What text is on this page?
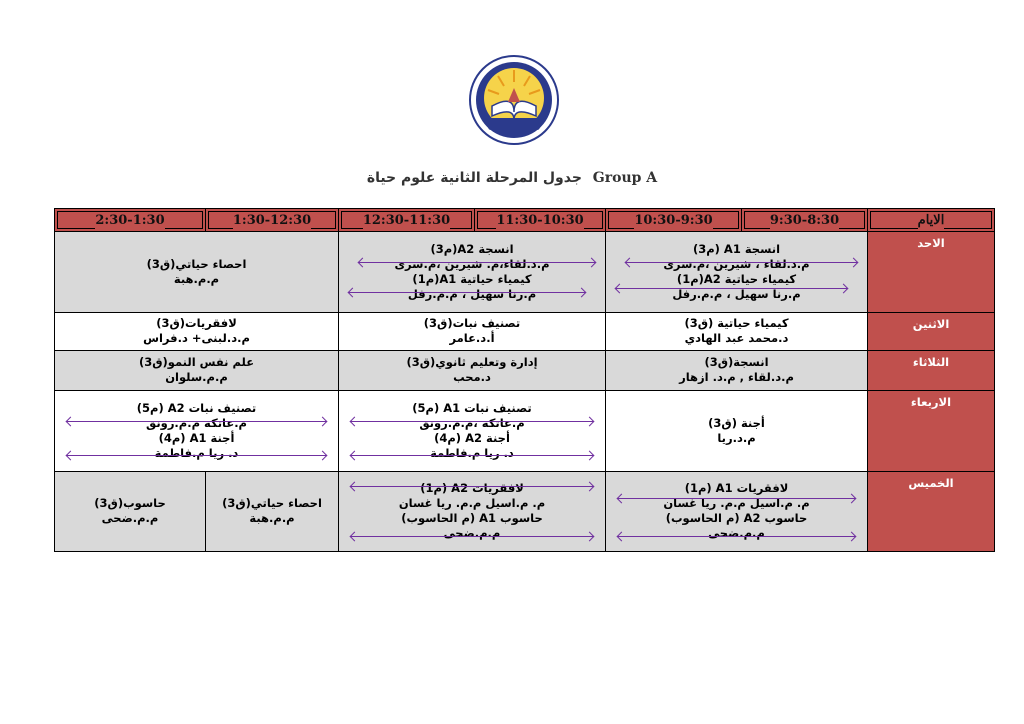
جدول المرحلة الثانية علوم حياة Group A
الايام	9:30-8:30	10:30-9:30	11:30-10:30	12:30-11:30	1:30-12:30	2:30-1:30

الاحد	انسجة A1 (م3)
م.د.لقاء ، شيرين ،م.سرى
كيمياء حياتية A2(م1)
م.رنا سهيل ، م.م.رفل		انسجة A2(م3)
م.د.لقاء،م. شيرين ،م.سرى
كيمياء حياتية A1(م1)
م.رنا سهيل ، م.م.رفل		احصاء حياتي(ق3)
م.م.هبة	

الاثنين	كيمياء حياتية (ق3)
د.محمد عبد الهادي		تصنيف نبات(ق3)
أ.د.عامر		لافقريات(ق3)
م.د.لبنى+ د.فراس	

الثلاثاء	انسجة(ق3)
م.د.لقاء , م.د. ازهار		إدارة وتعليم ثانوي(ق3)
د.محب		علم نفس النمو(ق3)
م.م.سلوان	

الاربعاء	أجنة (ق3)
م.د.ريا		تصنيف نبات A1 (م5)
م.عاتكة ،م.م.رونق
أجنة A2 (م4)
د. ريا م.فاطمة		تصنيف نبات A2 (م5)
م.عاتكة م.م.رونق
أجنة A1 (م4)
د. ريا م.فاطمة	

الخميس	لافقريات A1 (م1)
م. م.اسيل م.م. ريا غسان
حاسوب A2 (م الحاسوب)
م.م.ضحى		لافقريات A2 (م1)
م. م.اسيل م.م. ريا غسان
حاسوب A1 (م الحاسوب)
م.م.ضحى		احصاء حياتي(ق3)
م.م.هبة	حاسوب(ق3)
م.م.ضحى
